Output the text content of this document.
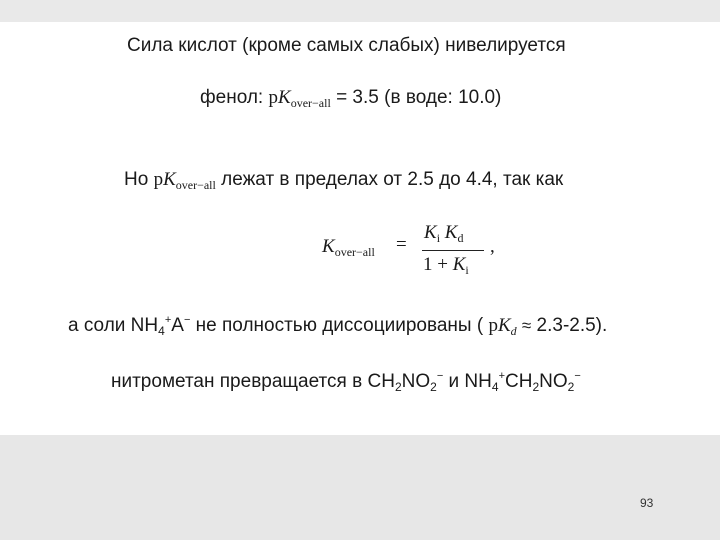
Сила кислот (кроме самых слабых) нивелируется
фенол: $pK_{over-all} = 3.5$ (в воде: 10.0)
Но $pK_{over-all}$ лежат в пределах от 2.5 до 4.4, так как
$K_{over-all}$ =
$K_i$ $K_d$
$1 + K_i$
,
а соли $NH_4^+A^-$ не полностью диссоциированы ( $pK_d \approx 2.3-2.5$).
нитрометан превращается в $CH_2NO_2^-$ и $NH_4^+CH_2NO_2^-$
93
